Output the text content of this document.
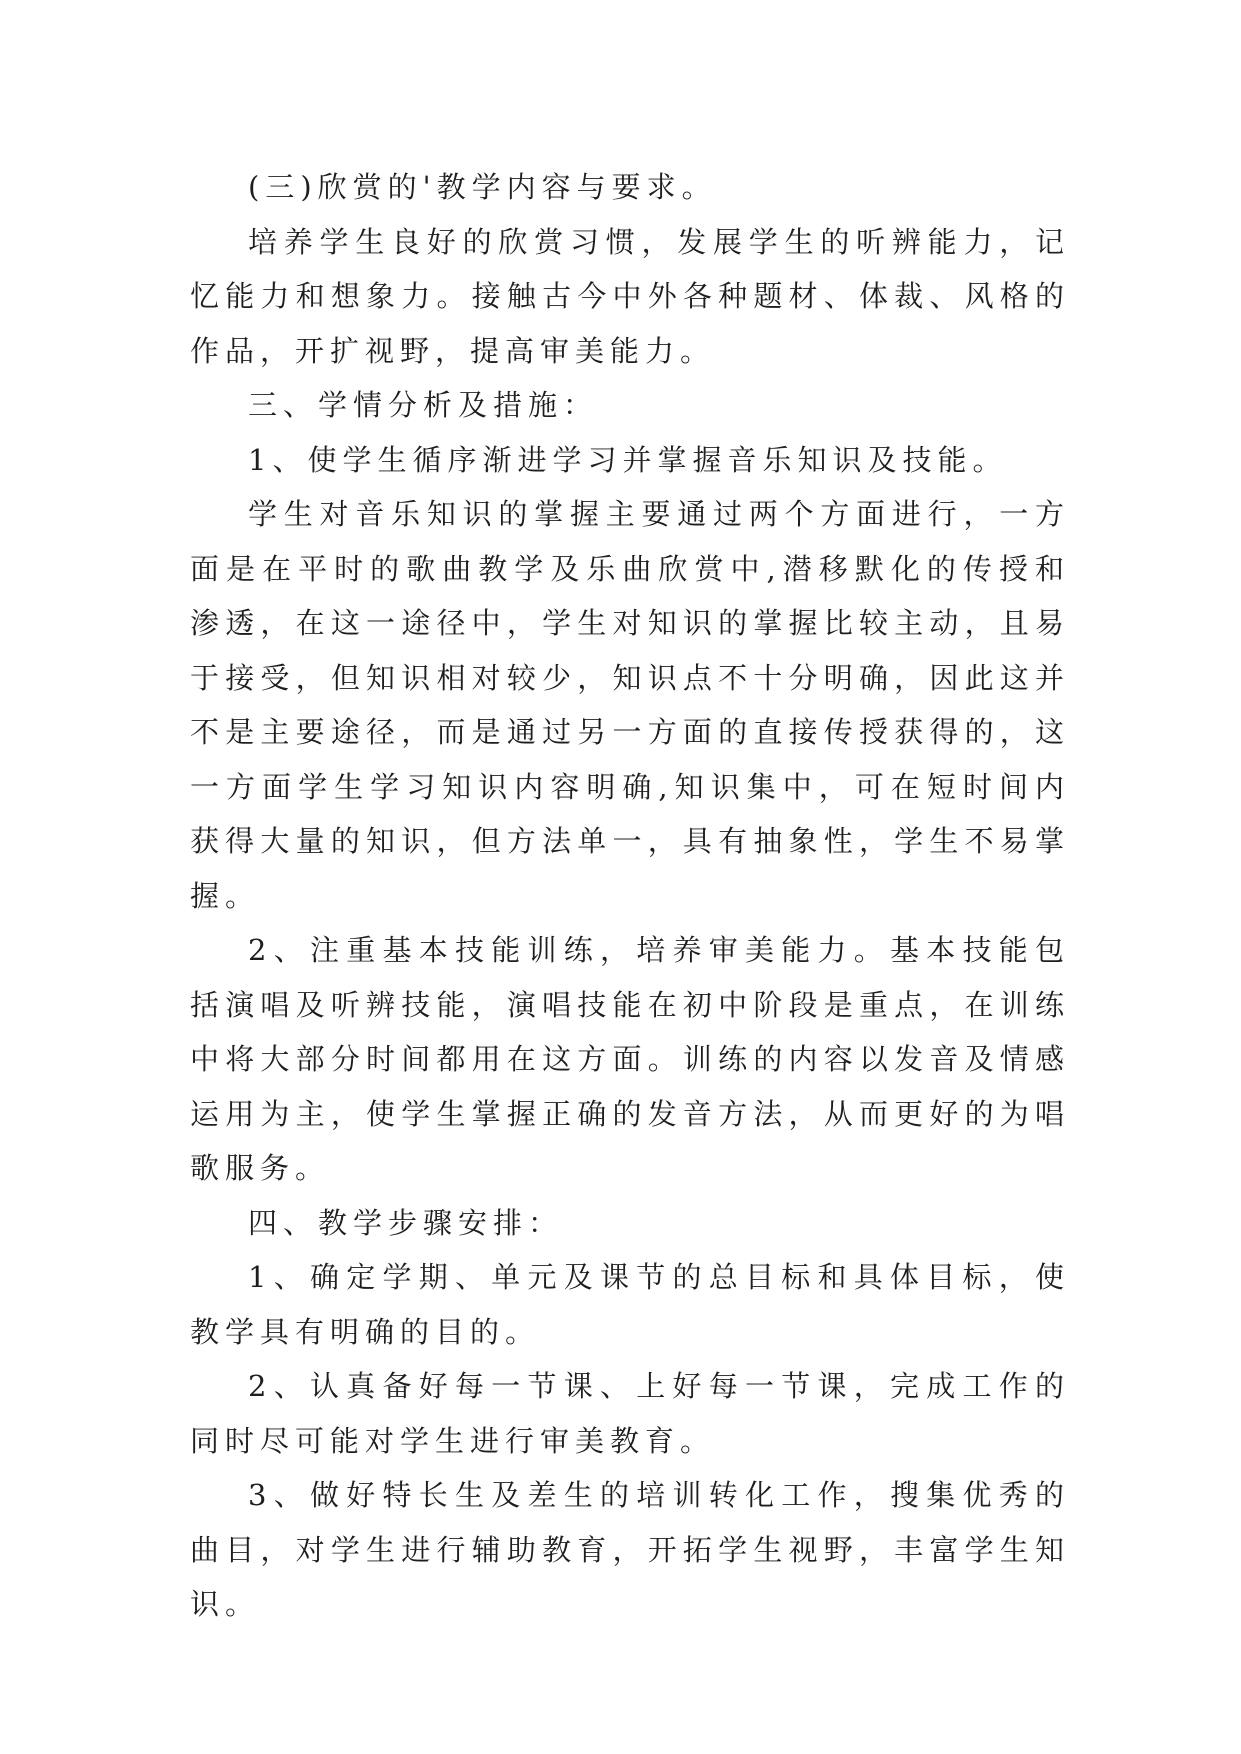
(三)欣赏的'教学内容与要求。

培养学生良好的欣赏习惯，发展学生的听辨能力，记忆能力和想象力。接触古今中外各种题材、体裁、风格的作品，开扩视野，提高审美能力。

三、学情分析及措施：

1、使学生循序渐进学习并掌握音乐知识及技能。

学生对音乐知识的掌握主要通过两个方面进行，一方面是在平时的歌曲教学及乐曲欣赏中,潜移默化的传授和渗透，在这一途径中，学生对知识的掌握比较主动，且易于接受，但知识相对较少，知识点不十分明确，因此这并不是主要途径，而是通过另一方面的直接传授获得的，这一方面学生学习知识内容明确,知识集中，可在短时间内获得大量的知识，但方法单一，具有抽象性，学生不易掌握。

2、注重基本技能训练，培养审美能力。基本技能包括演唱及听辨技能，演唱技能在初中阶段是重点，在训练中将大部分时间都用在这方面。训练的内容以发音及情感运用为主，使学生掌握正确的发音方法，从而更好的为唱歌服务。

四、教学步骤安排：

1、确定学期、单元及课节的总目标和具体目标，使教学具有明确的目的。

2、认真备好每一节课、上好每一节课，完成工作的同时尽可能对学生进行审美教育。

3、做好特长生及差生的培训转化工作，搜集优秀的曲目，对学生进行辅助教育，开拓学生视野，丰富学生知识。
